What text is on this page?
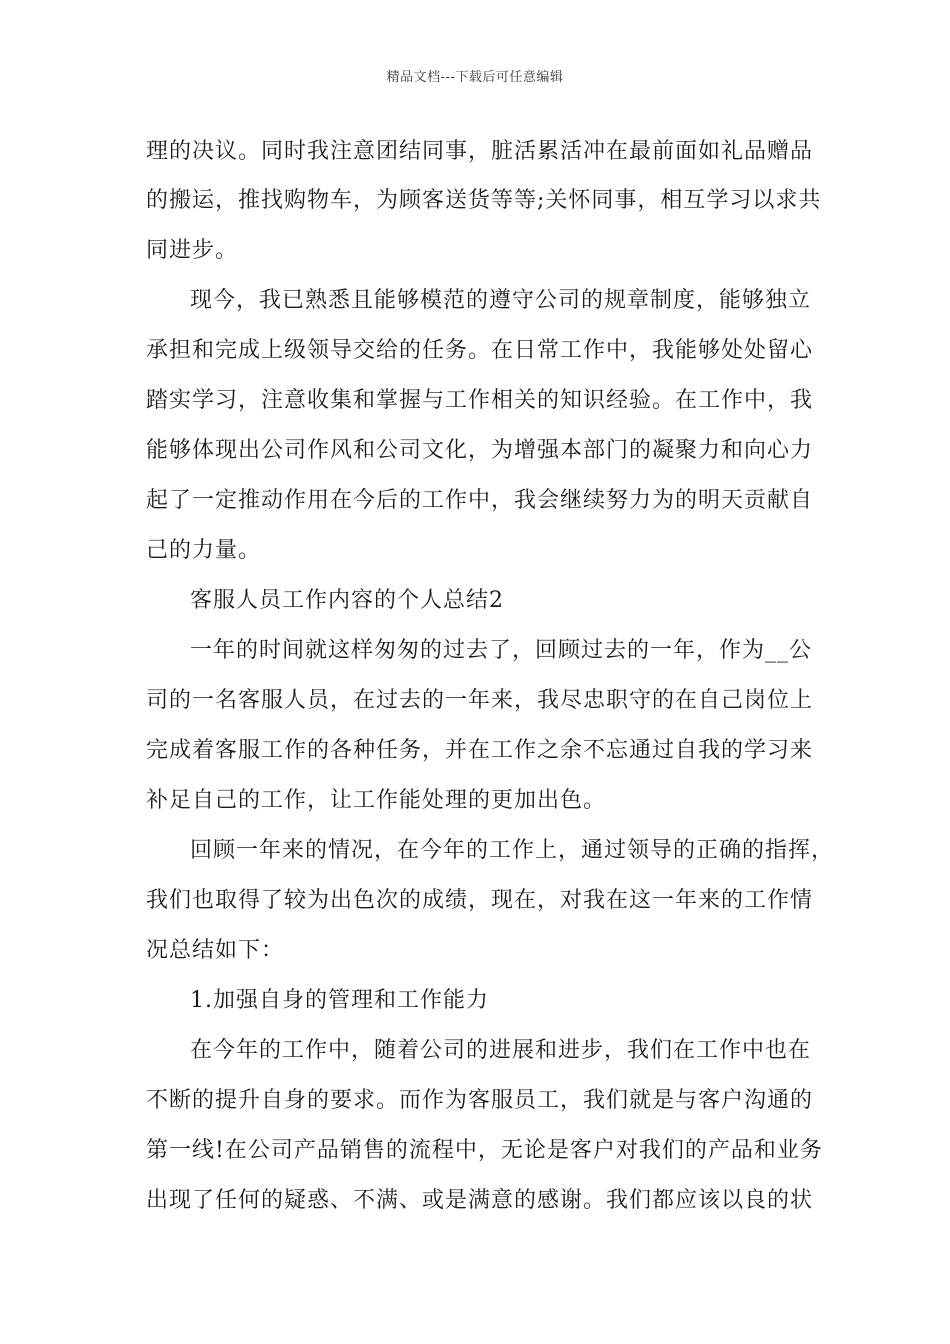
精品文档---下载后可任意编辑
理的决议。同时我注意团结同事，脏活累活冲在最前面如礼品赠品
的搬运，推找购物车，为顾客送货等等;关怀同事，相互学习以求共
同进步。
现今，我已熟悉且能够模范的遵守公司的规章制度，能够独立
承担和完成上级领导交给的任务。在日常工作中，我能够处处留心
踏实学习，注意收集和掌握与工作相关的知识经验。在工作中，我
能够体现出公司作风和公司文化，为增强本部门的凝聚力和向心力
起了一定推动作用在今后的工作中，我会继续努力为的明天贡献自
己的力量。
客服人员工作内容的个人总结2
一年的时间就这样匆匆的过去了，回顾过去的一年，作为__公
司的一名客服人员，在过去的一年来，我尽忠职守的在自己岗位上
完成着客服工作的各种任务，并在工作之余不忘通过自我的学习来
补足自己的工作，让工作能处理的更加出色。
回顾一年来的情况，在今年的工作上，通过领导的正确的指挥，
我们也取得了较为出色次的成绩，现在，对我在这一年来的工作情
况总结如下：
1.加强自身的管理和工作能力
在今年的工作中，随着公司的进展和进步，我们在工作中也在
不断的提升自身的要求。而作为客服员工，我们就是与客户沟通的
第一线!在公司产品销售的流程中，无论是客户对我们的产品和业务
出现了任何的疑惑、不满、或是满意的感谢。我们都应该以良的状
